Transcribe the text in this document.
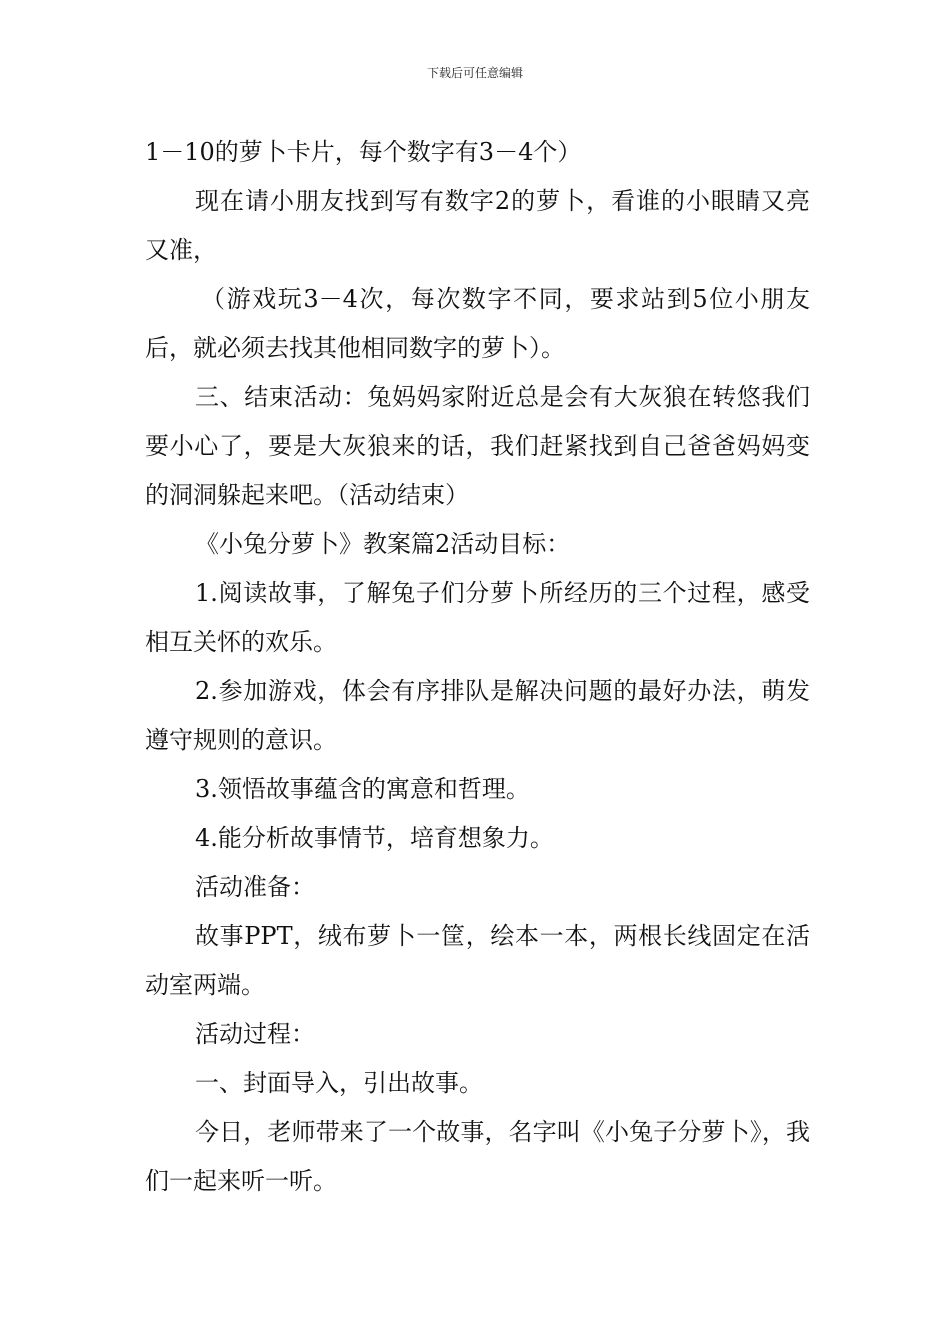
下载后可任意编辑

1－10的萝卜卡片，每个数字有3－4个）

现在请小朋友找到写有数字2的萝卜，看谁的小眼睛又亮又准，

（游戏玩3－4次，每次数字不同，要求站到5位小朋友后，就必须去找其他相同数字的萝卜）。

三、结束活动：兔妈妈家附近总是会有大灰狼在转悠我们要小心了，要是大灰狼来的话，我们赶紧找到自己爸爸妈妈变的洞洞躲起来吧。（活动结束）

《小兔分萝卜》教案篇2活动目标：

1.阅读故事，了解兔子们分萝卜所经历的三个过程，感受相互关怀的欢乐。

2.参加游戏，体会有序排队是解决问题的最好办法，萌发遵守规则的意识。

3.领悟故事蕴含的寓意和哲理。

4.能分析故事情节，培育想象力。

活动准备：

故事PPT，绒布萝卜一筐，绘本一本，两根长线固定在活动室两端。

活动过程：

一、封面导入，引出故事。

今日，老师带来了一个故事，名字叫《小兔子分萝卜》，我们一起来听一听。
